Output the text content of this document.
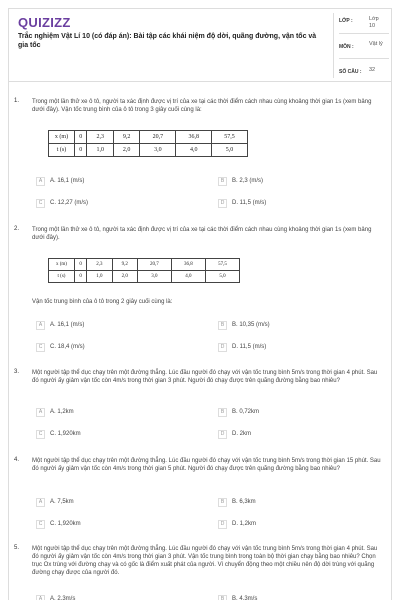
QUIZIZZ
Trắc nghiệm Vật Lí 10 (có đáp án): Bài tập các khái niệm độ dời, quãng đường, vận tốc và gia tốc
LỚP :	Lớp 10
MÔN :	Vật lý
SỐ CÂU : 32
1. Trong một lần thử xe ô tô, người ta xác định được vị trí của xe tại các thời điểm cách nhau cùng khoảng thời gian 1s (xem bảng dưới đây). Vận tốc trung bình của ô tô trong 3 giây cuối cùng là:
x (m)	0	2,3	9,2	20,7	36,8	57,5
t (s)	0	1,0	2,0	3,0	4,0	5,0
A	A. 16,1 (m/s)	B	B. 2,3 (m/s)
C	C. 12,27 (m/s)	D	D. 11,5 (m/s)
2. Trong một lần thử xe ô tô, người ta xác định được vị trí của xe tại các thời điểm cách nhau cùng khoảng thời gian 1s (xem bảng dưới đây).
x (m)	0	2,3	9,2	20,7	36,8	57,5
t (s)	0	1,0	2,0	3,0	4,0	5,0
Vận tốc trung bình của ô tô trong 2 giây cuối cùng là:
A	A. 16,1 (m/s)	B	B. 10,35 (m/s)
C	C. 18,4 (m/s)	D	D. 11,5 (m/s)
3. Một người tập thể dục chạy trên một đường thẳng. Lúc đầu người đó chạy với vận tốc trung bình 5m/s trong thời gian 4 phút. Sau đó người ấy giảm vận tốc còn 4m/s trong thời gian 3 phút. Người đó chạy được trên quãng đường bằng bao nhiêu?
A	A. 1,2km	B	B. 0,72km
C	C. 1,920km	D	D. 2km
4. Một người tập thể dục chạy trên một đường thẳng. Lúc đầu người đó chạy với vận tốc trung bình 5m/s trong thời gian 15 phút. Sau đó người ấy giảm vận tốc còn 4m/s trong thời gian 5 phút. Người đó chạy được trên quãng đường bằng bao nhiêu?
A	A. 7,5km	B	B. 6,3km
C	C. 1,920km	D	D. 1,2km
5. Một người tập thể dục chạy trên một đường thẳng. Lúc đầu người đó chạy với vận tốc trung bình 5m/s trong thời gian 4 phút. Sau đó người ấy giảm vận tốc còn 4m/s trong thời gian 3 phút. Vận tốc trung bình trong toàn bộ thời gian chạy bằng bao nhiêu? Chọn trục Ox trùng với đường chạy và có gốc là điểm xuất phát của người. Vì chuyển động theo một chiều nên độ dời trùng với quãng đường chạy được của người đó.
A	A. 2,3m/s	B	B. 4,3m/s
